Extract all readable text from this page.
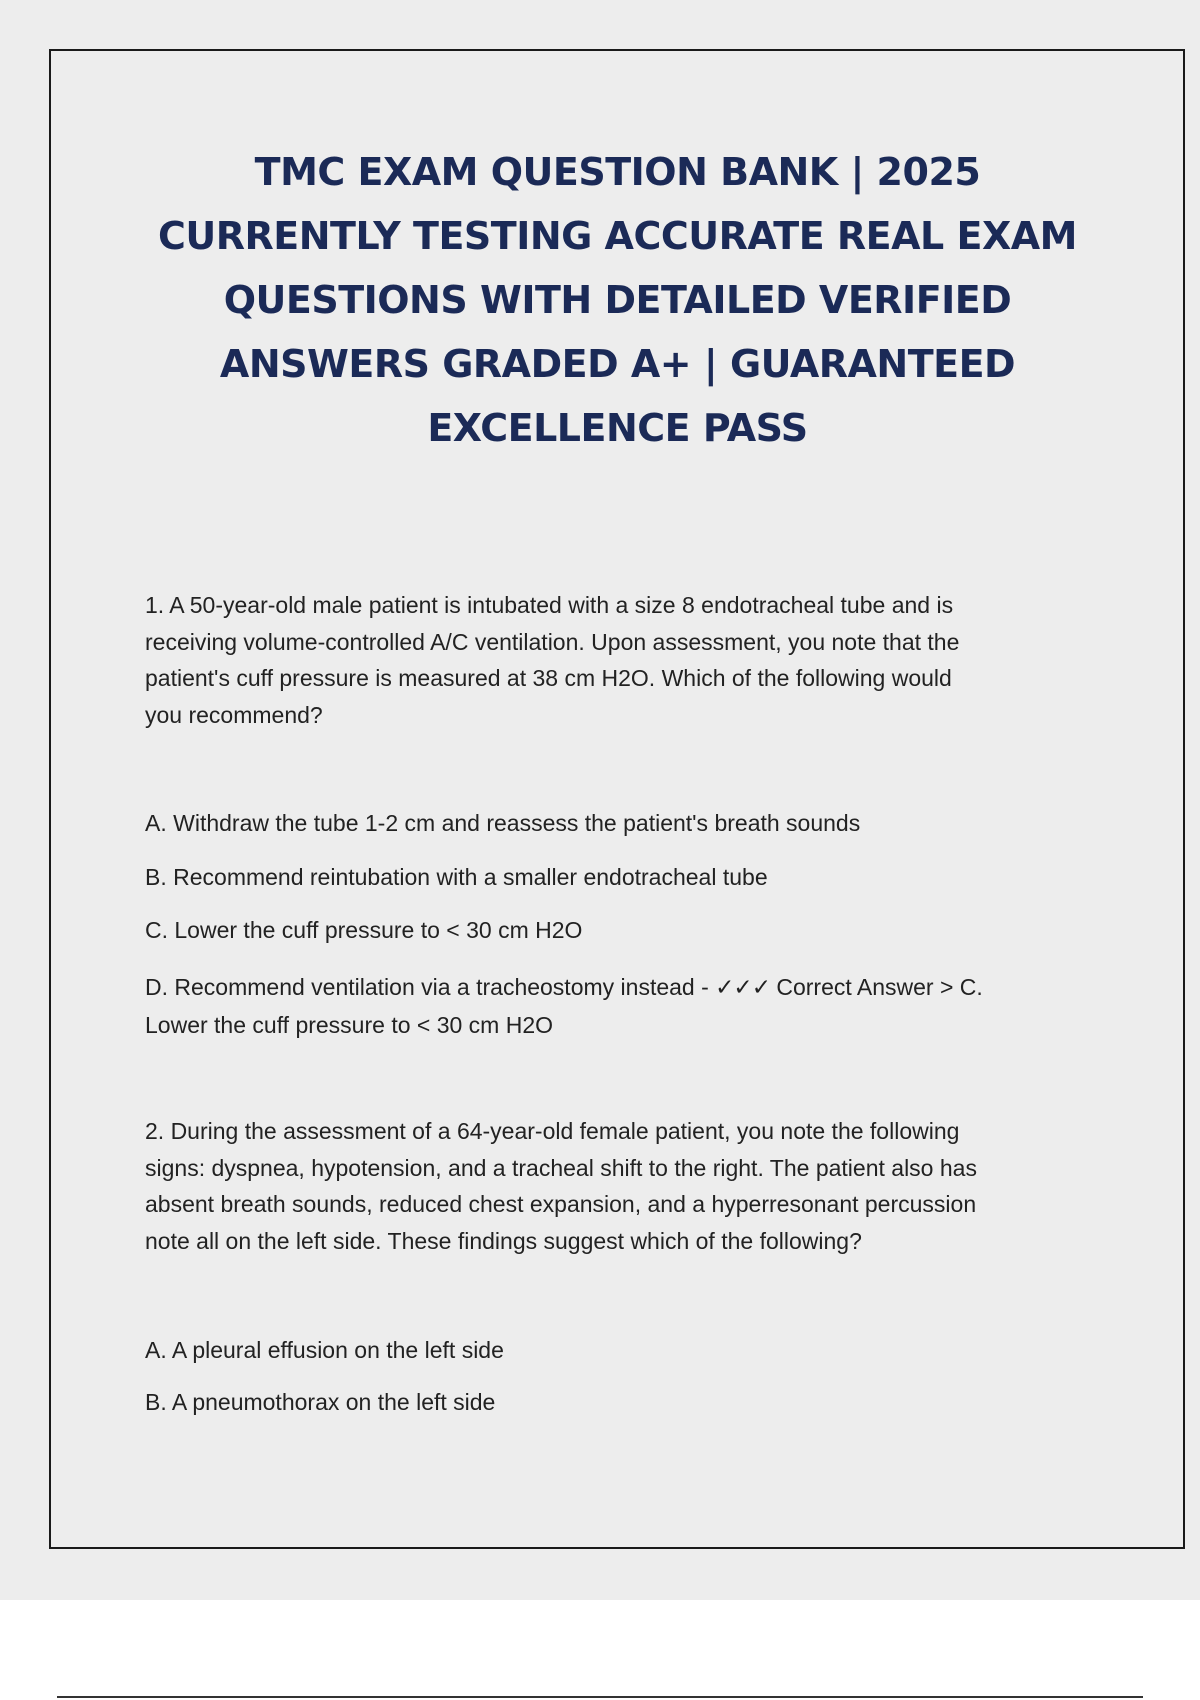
TMC EXAM QUESTION BANK | 2025
CURRENTLY TESTING ACCURATE REAL EXAM
QUESTIONS WITH DETAILED VERIFIED
ANSWERS GRADED A+ | GUARANTEED
EXCELLENCE PASS

1. A 50-year-old male patient is intubated with a size 8 endotracheal tube and is
receiving volume-controlled A/C ventilation. Upon assessment, you note that the
patient's cuff pressure is measured at 38 cm H2O. Which of the following would
you recommend?

A. Withdraw the tube 1-2 cm and reassess the patient's breath sounds
B. Recommend reintubation with a smaller endotracheal tube
C. Lower the cuff pressure to < 30 cm H2O
D. Recommend ventilation via a tracheostomy instead - ✓✓✓ Correct Answer > C.
Lower the cuff pressure to < 30 cm H2O

2. During the assessment of a 64-year-old female patient, you note the following
signs: dyspnea, hypotension, and a tracheal shift to the right. The patient also has
absent breath sounds, reduced chest expansion, and a hyperresonant percussion
note all on the left side. These findings suggest which of the following?

A. A pleural effusion on the left side
B. A pneumothorax on the left side
